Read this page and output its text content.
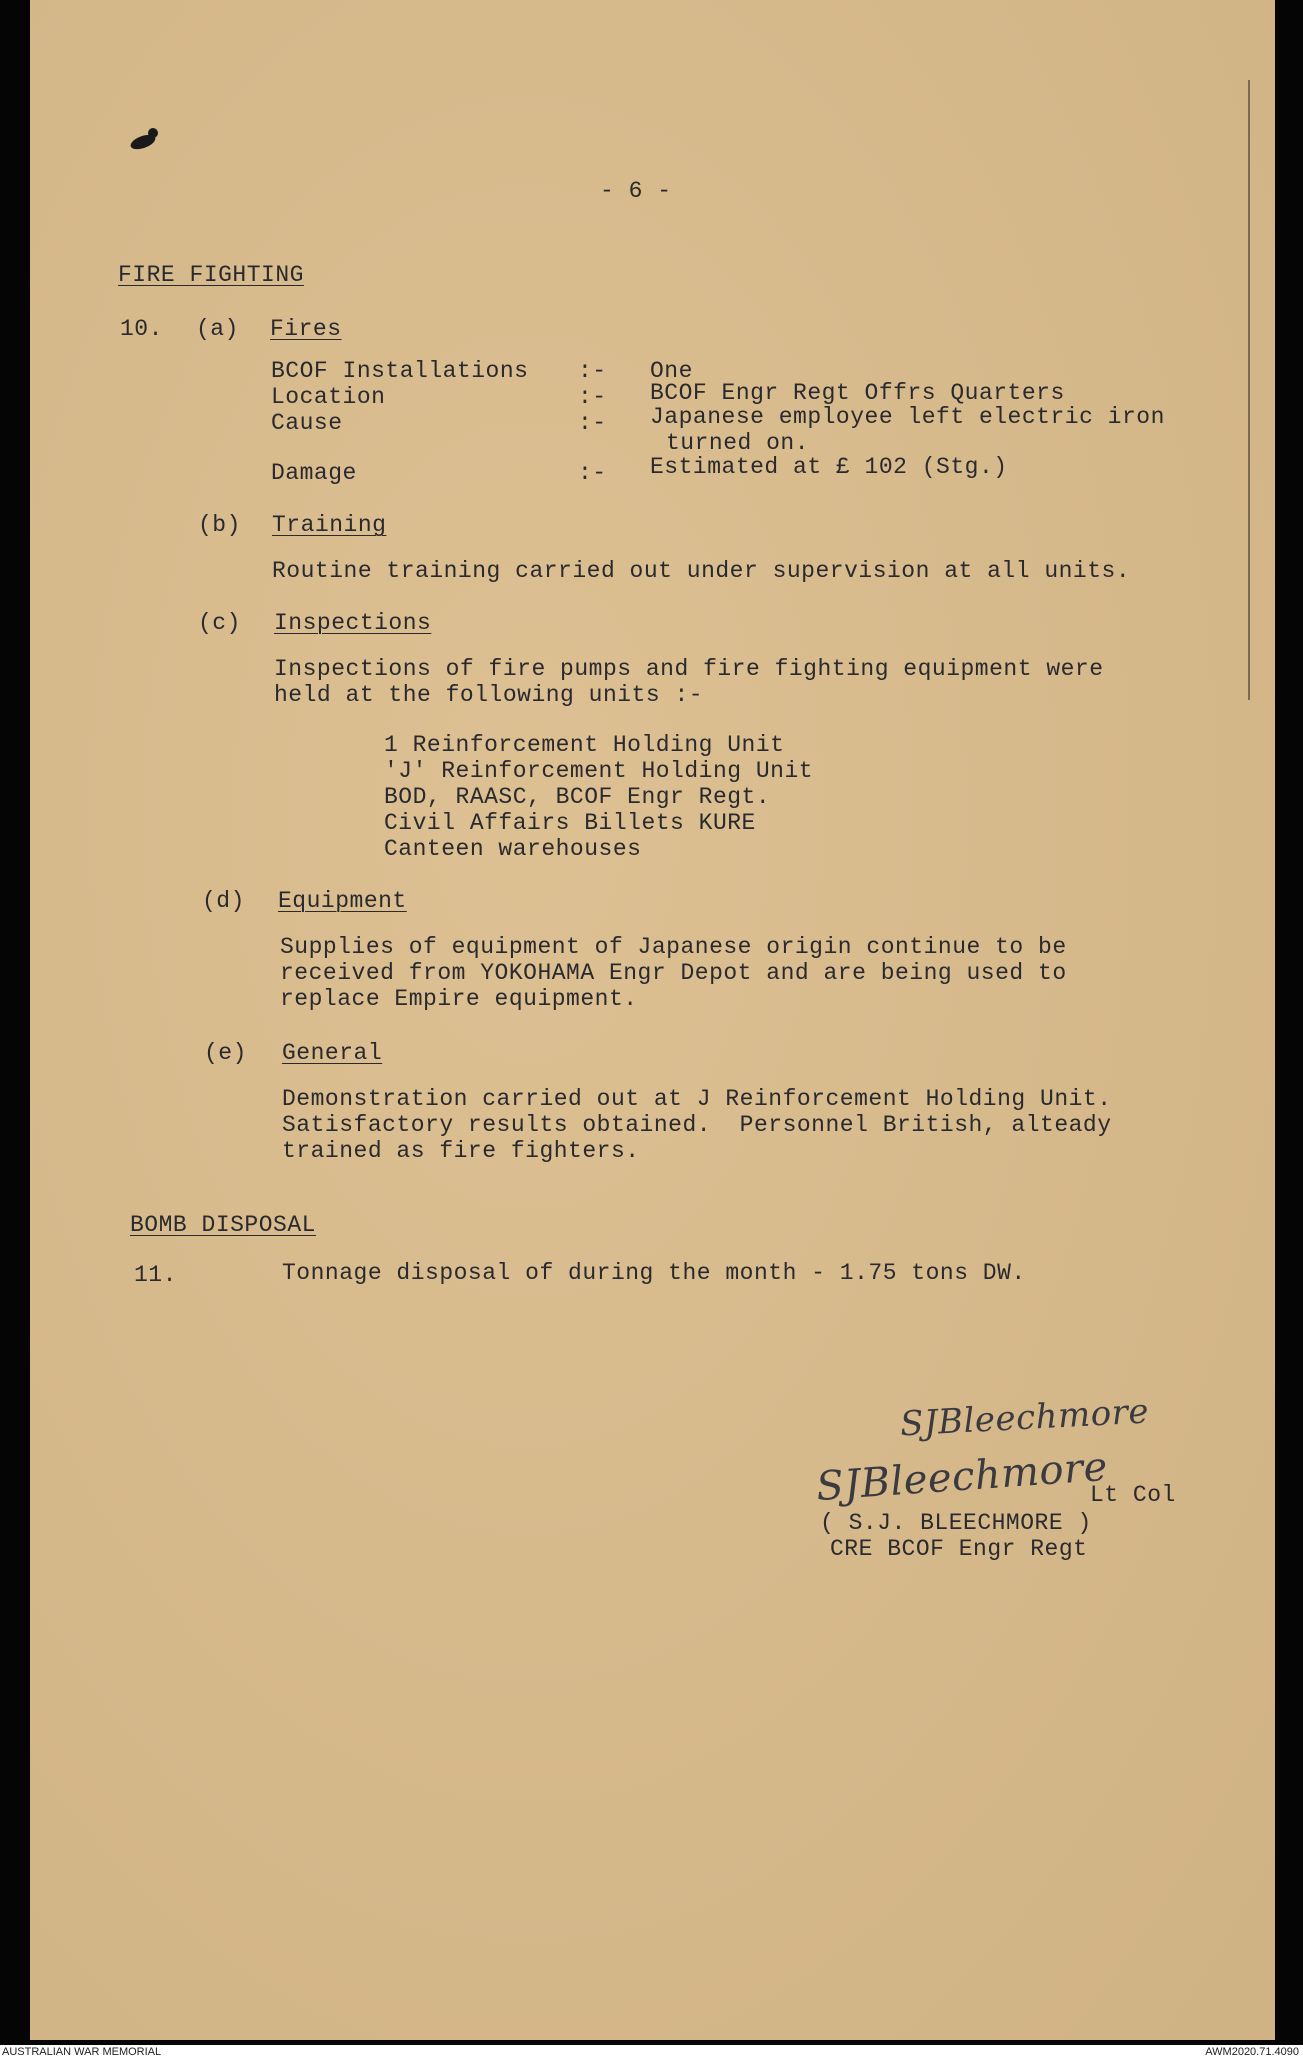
- 6 -
FIRE FIGHTING
10. (a) Fires
BCOF Installations :- One
Location	:- BCOF Engr Regt Offrs Quarters
Cause	:- Japanese employee left electric iron
turned on.
Damage	:- Estimated at £ 102 (Stg.)
(b) Training
Routine training carried out under supervision at all units.
(c) Inspections
Inspections of fire pumps and fire fighting equipment were
held at the following units :-
1 Reinforcement Holding Unit
'J' Reinforcement Holding Unit
BOD, RAASC, BCOF Engr Regt.
Civil Affairs Billets KURE
Canteen warehouses
(d) Equipment
Supplies of equipment of Japanese origin continue to be
received from YOKOHAMA Engr Depot and are being used to
replace Empire equipment.
(e) General
Demonstration carried out at J Reinforcement Holding Unit.
Satisfactory results obtained.  Personnel British, alteady
trained as fire fighters.
BOMB DISPOSAL
11.	Tonnage disposal of during the month - 1.75 tons DW.
SJBleechmore
SJBleechmore
Lt Col
( S.J. BLEECHMORE )
CRE BCOF Engr Regt
AUSTRALIAN WAR MEMORIAL	AWM2020.71.4090
